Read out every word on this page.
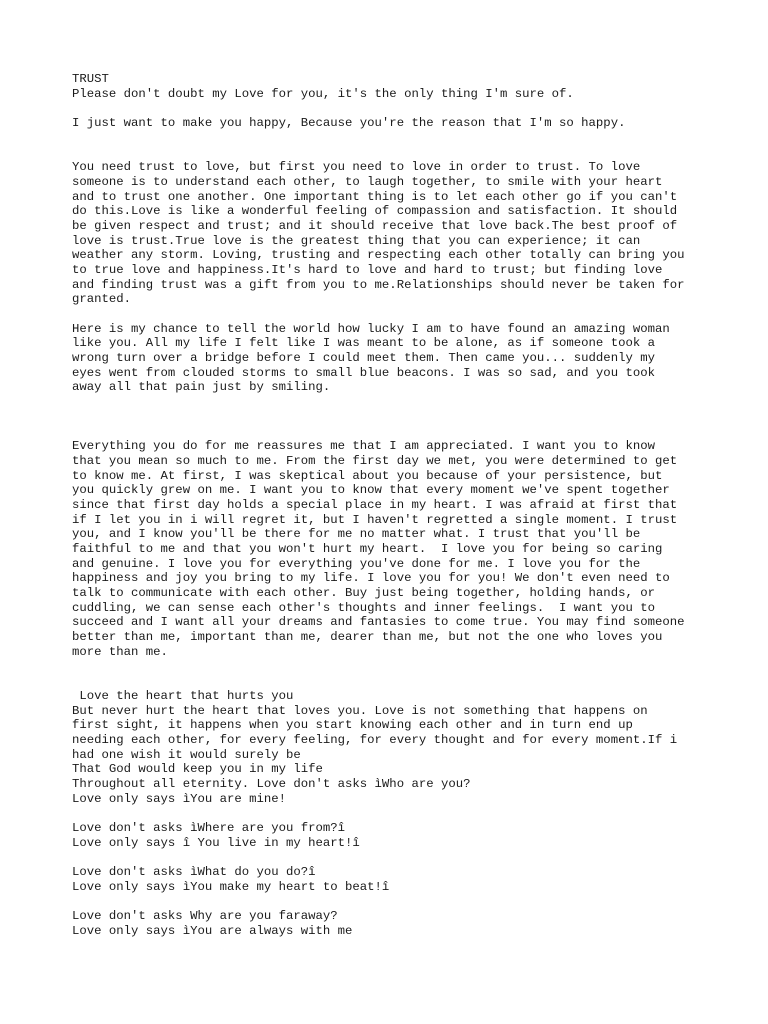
TRUST
Please don't doubt my Love for you, it's the only thing I'm sure of.
I just want to make you happy, Because you're the reason that I'm so happy.
You need trust to love, but first you need to love in order to trust. To love
someone is to understand each other, to laugh together, to smile with your heart
and to trust one another. One important thing is to let each other go if you can't
do this.Love is like a wonderful feeling of compassion and satisfaction. It should
be given respect and trust; and it should receive that love back.The best proof of
love is trust.True love is the greatest thing that you can experience; it can
weather any storm. Loving, trusting and respecting each other totally can bring you
to true love and happiness.It's hard to love and hard to trust; but finding love
and finding trust was a gift from you to me.Relationships should never be taken for
granted.
Here is my chance to tell the world how lucky I am to have found an amazing woman
like you. All my life I felt like I was meant to be alone, as if someone took a
wrong turn over a bridge before I could meet them. Then came you... suddenly my
eyes went from clouded storms to small blue beacons. I was so sad, and you took
away all that pain just by smiling.
Everything you do for me reassures me that I am appreciated. I want you to know
that you mean so much to me. From the first day we met, you were determined to get
to know me. At first, I was skeptical about you because of your persistence, but
you quickly grew on me. I want you to know that every moment we've spent together
since that first day holds a special place in my heart. I was afraid at first that
if I let you in i will regret it, but I haven't regretted a single moment. I trust
you, and I know you'll be there for me no matter what. I trust that you'll be
faithful to me and that you won't hurt my heart.  I love you for being so caring
and genuine. I love you for everything you've done for me. I love you for the
happiness and joy you bring to my life. I love you for you! We don't even need to
talk to communicate with each other. Buy just being together, holding hands, or
cuddling, we can sense each other's thoughts and inner feelings.  I want you to
succeed and I want all your dreams and fantasies to come true. You may find someone
better than me, important than me, dearer than me, but not the one who loves you
more than me.
Love the heart that hurts you
But never hurt the heart that loves you. Love is not something that happens on
first sight, it happens when you start knowing each other and in turn end up
needing each other, for every feeling, for every thought and for every moment.If i
had one wish it would surely be
That God would keep you in my life
Throughout all eternity. Love don't asks ìWho are you?
Love only says ìYou are mine!
Love don't asks ìWhere are you from?î
Love only says î You live in my heart!î
Love don't asks ìWhat do you do?î
Love only says ìYou make my heart to beat!î
Love don't asks Why are you faraway?
Love only says ìYou are always with me
